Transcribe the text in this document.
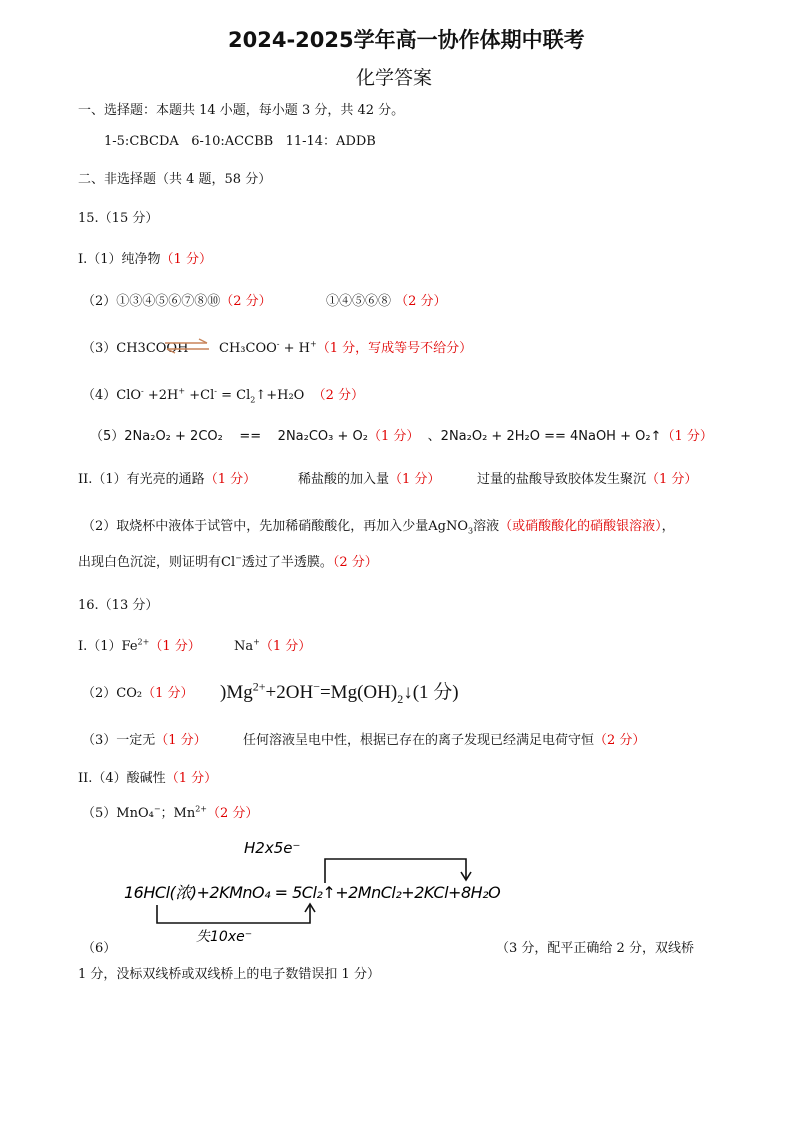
2024-2025学年高一协作体期中联考
化学答案
一、选择题：本题共 14 小题，每小题 3 分，共 42 分。
1-5:CBCDA   6-10:ACCBB   11-14：ADDB
二、非选择题（共 4 题，58 分）
15.（15 分）
I.（1）纯净物（1 分）
（2）①③④⑤⑥⑦⑧⑩（2 分）	①④⑤⑥⑧ （2 分）
（3）CH3COOH ⇌ CH₃COO- + H+（1 分，写成等号不给分）
$(4)ClO^- +2H^+ +Cl^- = Cl_2↑+H_2O$ （2 分）
（5）2Na₂O₂ + 2CO₂    ==    2Na₂CO₃ + O₂（1 分） 、2Na₂O₂ + 2H₂O == 4NaOH + O₂↑（1 分）
II.（1）有光亮的通路（1 分）	稀盐酸的加入量（1 分）	过量的盐酸导致胶体发生聚沉（1 分）
（2）取烧杯中液体于试管中，先加稀硝酸酸化，再加入少量AgNO$_3$溶液（或硝酸酸化的硝酸银溶液），
出现白色沉淀，则证明有Cl−透过了半透膜。（2 分）
16.（13 分）
$I.(1)Fe^{2+}(1$ 分）	Na+（1 分）
（2）CO₂（1 分） )$Mg^{2+}+2OH^-=Mg(OH)_2↓(1$ 分)
（3）一定无（1 分）	任何溶液呈电中性，根据已存在的离子发现已经满足电荷守恒（2 分）
II.（4）酸碱性（1 分）
（5）MnO₄−；$Mn^{2+}(2$ 分）
H2x5e⁻
16HCl(浓)+2KMnO₄ = 5Cl₂↑+2MnCl₂+2KCl+8H₂O
失10xe⁻
（6）	（3 分，配平正确给 2 分，双线桥
1 分，没标双线桥或双线桥上的电子数错误扣 1 分）
